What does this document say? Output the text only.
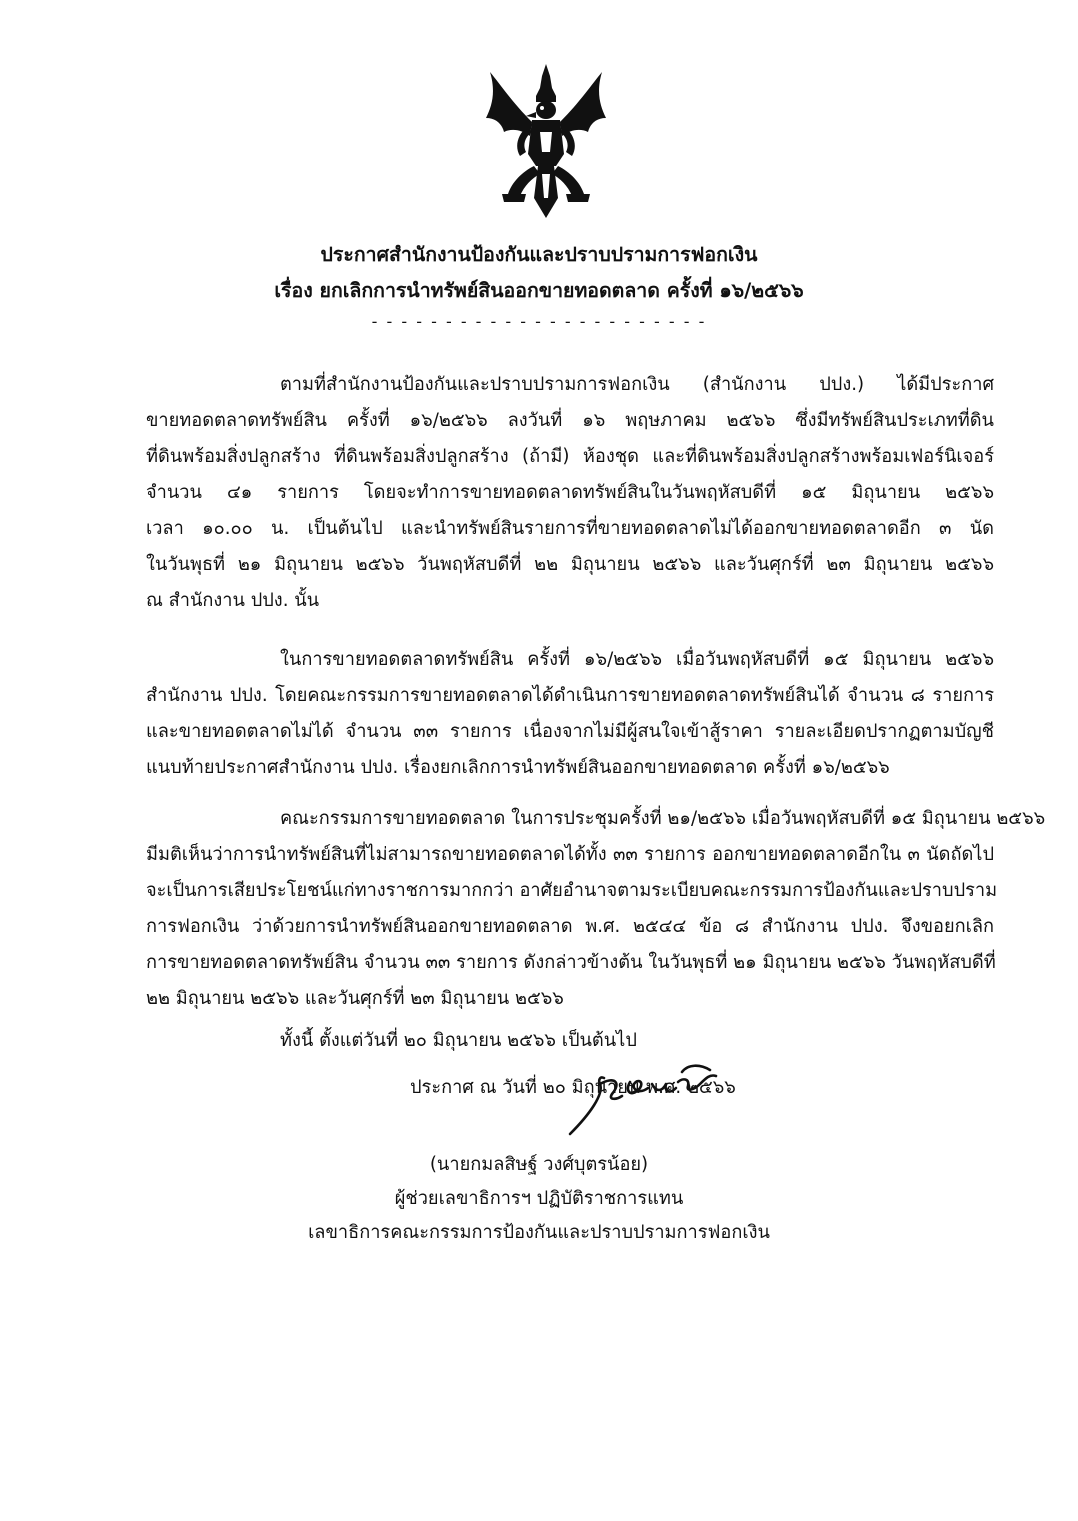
ประกาศสำนักงานป้องกันและปราบปรามการฟอกเงิน
เรื่อง ยกเลิกการนำทรัพย์สินออกขายทอดตลาด ครั้งที่ ๑๖/๒๕๖๖
- - - - - - - - - - - - - - - - - - - - - - -
ตามที่สำนักงานป้องกันและปราบปรามการฟอกเงิน (สำนักงาน ปปง.) ได้มีประกาศ
ขายทอดตลาดทรัพย์สิน ครั้งที่ ๑๖/๒๕๖๖ ลงวันที่ ๑๖ พฤษภาคม ๒๕๖๖ ซึ่งมีทรัพย์สินประเภทที่ดิน
ที่ดินพร้อมสิ่งปลูกสร้าง ที่ดินพร้อมสิ่งปลูกสร้าง (ถ้ามี) ห้องชุด และที่ดินพร้อมสิ่งปลูกสร้างพร้อมเฟอร์นิเจอร์
จำนวน ๔๑ รายการ โดยจะทำการขายทอดตลาดทรัพย์สินในวันพฤหัสบดีที่ ๑๕ มิถุนายน ๒๕๖๖
เวลา ๑๐.๐๐ น. เป็นต้นไป และนำทรัพย์สินรายการที่ขายทอดตลาดไม่ได้ออกขายทอดตลาดอีก ๓ นัด
ในวันพุธที่ ๒๑ มิถุนายน ๒๕๖๖ วันพฤหัสบดีที่ ๒๒ มิถุนายน ๒๕๖๖ และวันศุกร์ที่ ๒๓ มิถุนายน ๒๕๖๖
ณ สำนักงาน ปปง. นั้น
ในการขายทอดตลาดทรัพย์สิน ครั้งที่ ๑๖/๒๕๖๖ เมื่อวันพฤหัสบดีที่ ๑๕ มิถุนายน ๒๕๖๖
สำนักงาน ปปง. โดยคณะกรรมการขายทอดตลาดได้ดำเนินการขายทอดตลาดทรัพย์สินได้ จำนวน ๘ รายการ
และขายทอดตลาดไม่ได้ จำนวน ๓๓ รายการ เนื่องจากไม่มีผู้สนใจเข้าสู้ราคา รายละเอียดปรากฏตามบัญชี
แนบท้ายประกาศสำนักงาน ปปง. เรื่องยกเลิกการนำทรัพย์สินออกขายทอดตลาด ครั้งที่ ๑๖/๒๕๖๖
คณะกรรมการขายทอดตลาด ในการประชุมครั้งที่ ๒๑/๒๕๖๖ เมื่อวันพฤหัสบดีที่ ๑๕ มิถุนายน ๒๕๖๖
มีมติเห็นว่าการนำทรัพย์สินที่ไม่สามารถขายทอดตลาดได้ทั้ง ๓๓ รายการ ออกขายทอดตลาดอีกใน ๓ นัดถัดไป
จะเป็นการเสียประโยชน์แก่ทางราชการมากกว่า อาศัยอำนาจตามระเบียบคณะกรรมการป้องกันและปราบปราม
การฟอกเงิน ว่าด้วยการนำทรัพย์สินออกขายทอดตลาด พ.ศ. ๒๕๔๔ ข้อ ๘ สำนักงาน ปปง. จึงขอยกเลิก
การขายทอดตลาดทรัพย์สิน จำนวน ๓๓ รายการ ดังกล่าวข้างต้น ในวันพุธที่ ๒๑ มิถุนายน ๒๕๖๖ วันพฤหัสบดีที่
๒๒ มิถุนายน ๒๕๖๖ และวันศุกร์ที่ ๒๓ มิถุนายน ๒๕๖๖
ทั้งนี้ ตั้งแต่วันที่ ๒๐ มิถุนายน ๒๕๖๖ เป็นต้นไป
ประกาศ ณ วันที่ ๒๐ มิถุนายน พ.ศ. ๒๕๖๖
(นายกมลสิษฐ์ วงศ์บุตรน้อย)
ผู้ช่วยเลขาธิการฯ ปฏิบัติราชการแทน
เลขาธิการคณะกรรมการป้องกันและปราบปรามการฟอกเงิน
